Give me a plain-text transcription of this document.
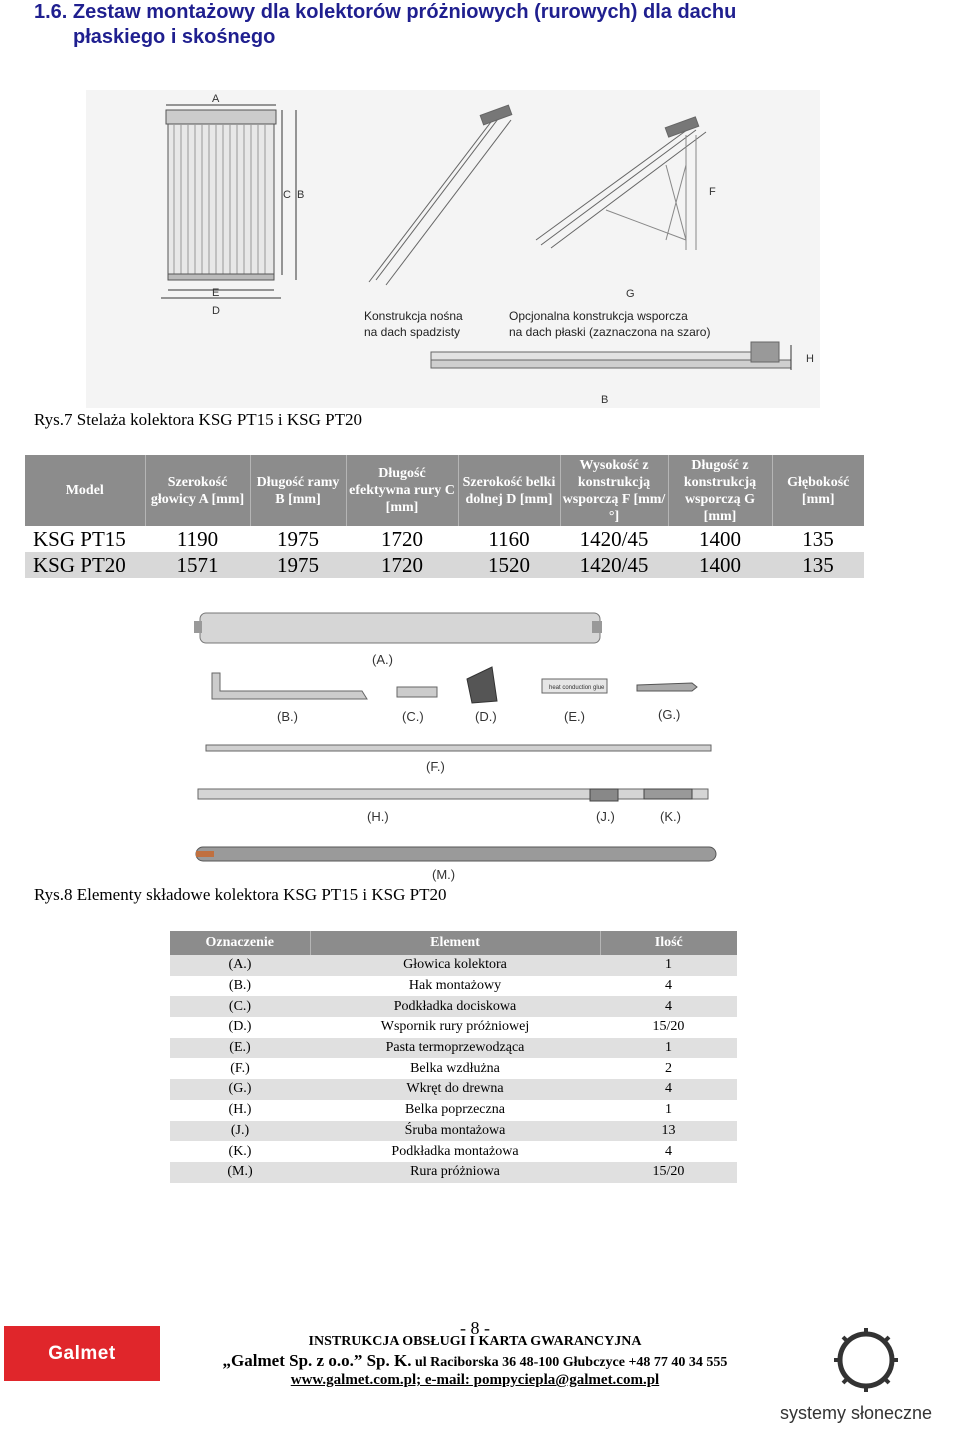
1.6. Zestaw montażowy dla kolektorów próżniowych (rurowych) dla dachu
płaskiego i skośnego
A
C B
E
D	Konstrukcja nośna
na dach spadzisty
F
G
Opcjonalna konstrukcja wsporcza
na dach płaski (zaznaczona na szaro)
H
B
Rys.7 Stelaża kolektora KSG PT15 i KSG PT20
Model	Szerokość głowicy A [mm]	Długość ramy B [mm]	Długość efektywna rury C [mm]	Szerokość belki dolnej D [mm]	Wysokość z konstrukcją wsporczą F [mm/°]	Długość z konstrukcją wsporczą G [mm]	Głębokość [mm]
KSG PT15	1190	1975	1720	1160	1420/45	1400	135
KSG PT20	1571	1975	1720	1520	1420/45	1400	135
(A.)
(B.)	(C.)	(D.)
heat conduction glue
(E.)	(G.)
(F.)
(H.)	(J.)	(K.)
(M.)
Rys.8 Elementy składowe kolektora KSG PT15 i KSG PT20
Oznaczenie	Element	Ilość
(A.)	Głowica kolektora	1
(B.)	Hak montażowy	4
(C.)	Podkładka dociskowa	4
(D.)	Wspornik rury próżniowej	15/20
(E.)	Pasta termoprzewodząca	1
(F.)	Belka wzdłużna	2
(G.)	Wkręt do drewna	4
(H.)	Belka poprzeczna	1
(J.)	Śruba montażowa	13
(K.)	Podkładka montażowa	4
(M.)	Rura próżniowa	15/20
Galmet
- 8 -
INSTRUKCJA OBSŁUGI I KARTA GWARANCYJNA
„Galmet Sp. z o.o.” Sp. K. ul Raciborska 36 48-100 Głubczyce +48 77 40 34 555
www.galmet.com.pl; e-mail: pompyciepla@galmet.com.pl
systemy słoneczne
